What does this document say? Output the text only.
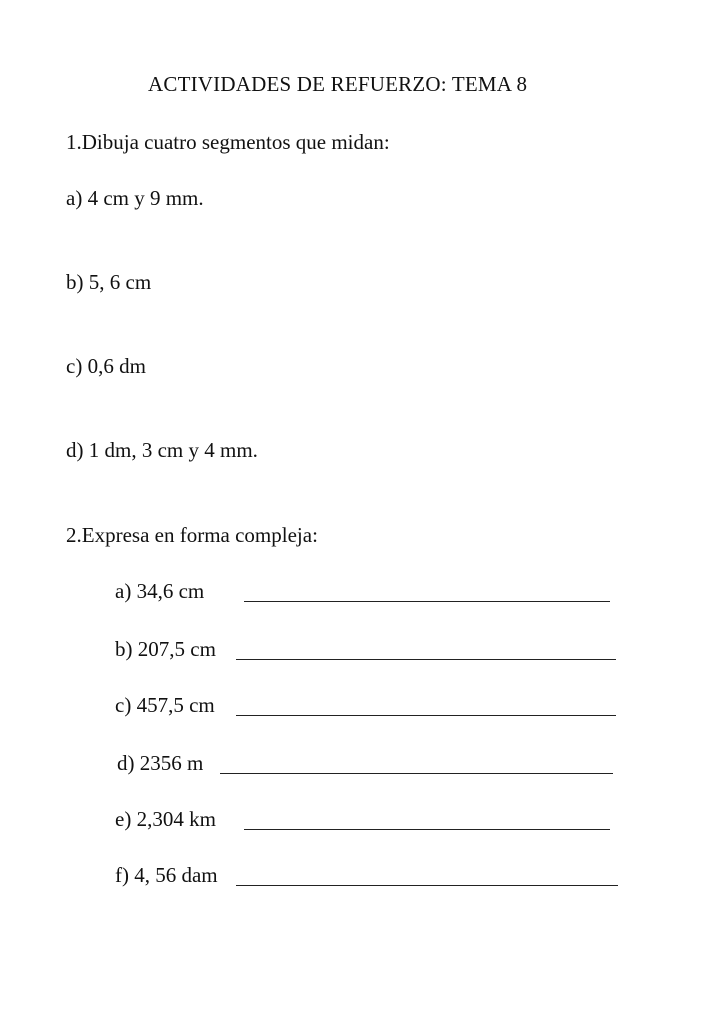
ACTIVIDADES DE REFUERZO: TEMA 8
1.Dibuja cuatro segmentos que midan:
a) 4 cm y 9 mm.
b) 5, 6 cm
c) 0,6 dm
d) 1 dm, 3 cm y 4 mm.
2.Expresa en forma compleja:
a) 34,6 cm
b) 207,5 cm
c) 457,5 cm
d) 2356 m
e) 2,304 km
f) 4, 56 dam
